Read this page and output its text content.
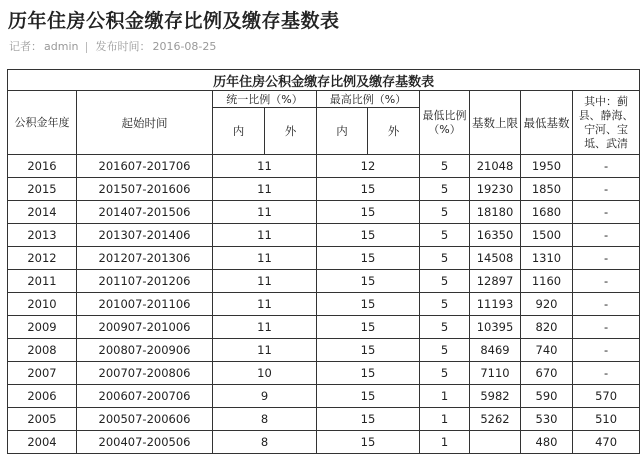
历年住房公积金缴存比例及缴存基数表
记者： admin 发布时间： 2016-08-25
历年住房公积金缴存比例及缴存基数表									
公积金年度	起始时间	统一比例（%）		最高比例（%）		最低比例（%）	基数上限	最低基数	其中：蓟县、静海、宁河、宝坻、武清
		内	外	内	外				
2016	201607-201706	11		12		5	21048	1950	-
2015	201507-201606	11		15		5	19230	1850	-
2014	201407-201506	11		15		5	18180	1680	-
2013	201307-201406	11		15		5	16350	1500	-
2012	201207-201306	11		15		5	14508	1310	-
2011	201107-201206	11		15		5	12897	1160	-
2010	201007-201106	11		15		5	11193	920	-
2009	200907-201006	11		15		5	10395	820	-
2008	200807-200906	11		15		5	8469	740	-
2007	200707-200806	10		15		5	7110	670	-
2006	200607-200706	9		15		1	5982	590	570
2005	200507-200606	8		15		1	5262	530	510
2004	200407-200506	8		15		1		480	470
